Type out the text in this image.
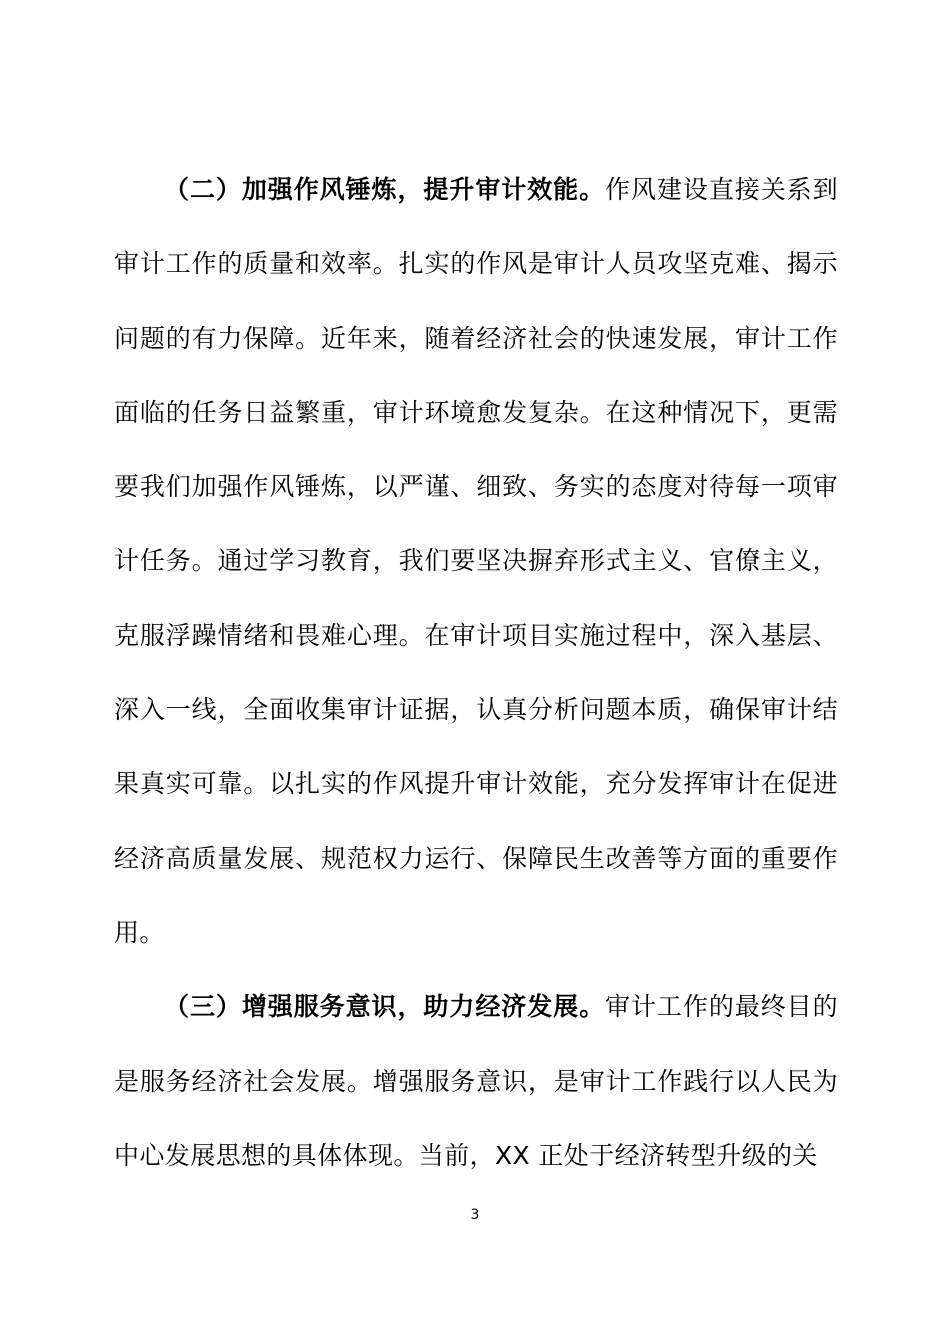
（二）加强作风锤炼，提升审计效能。作风建设直接关系到审计工作的质量和效率。扎实的作风是审计人员攻坚克难、揭示问题的有力保障。近年来，随着经济社会的快速发展，审计工作面临的任务日益繁重，审计环境愈发复杂。在这种情况下，更需要我们加强作风锤炼，以严谨、细致、务实的态度对待每一项审计任务。通过学习教育，我们要坚决摒弃形式主义、官僚主义，克服浮躁情绪和畏难心理。在审计项目实施过程中，深入基层、深入一线，全面收集审计证据，认真分析问题本质，确保审计结果真实可靠。以扎实的作风提升审计效能，充分发挥审计在促进经济高质量发展、规范权力运行、保障民生改善等方面的重要作用。

（三）增强服务意识，助力经济发展。审计工作的最终目的是服务经济社会发展。增强服务意识，是审计工作践行以人民为中心发展思想的具体体现。当前，XX 正处于经济转型升级的关

3
